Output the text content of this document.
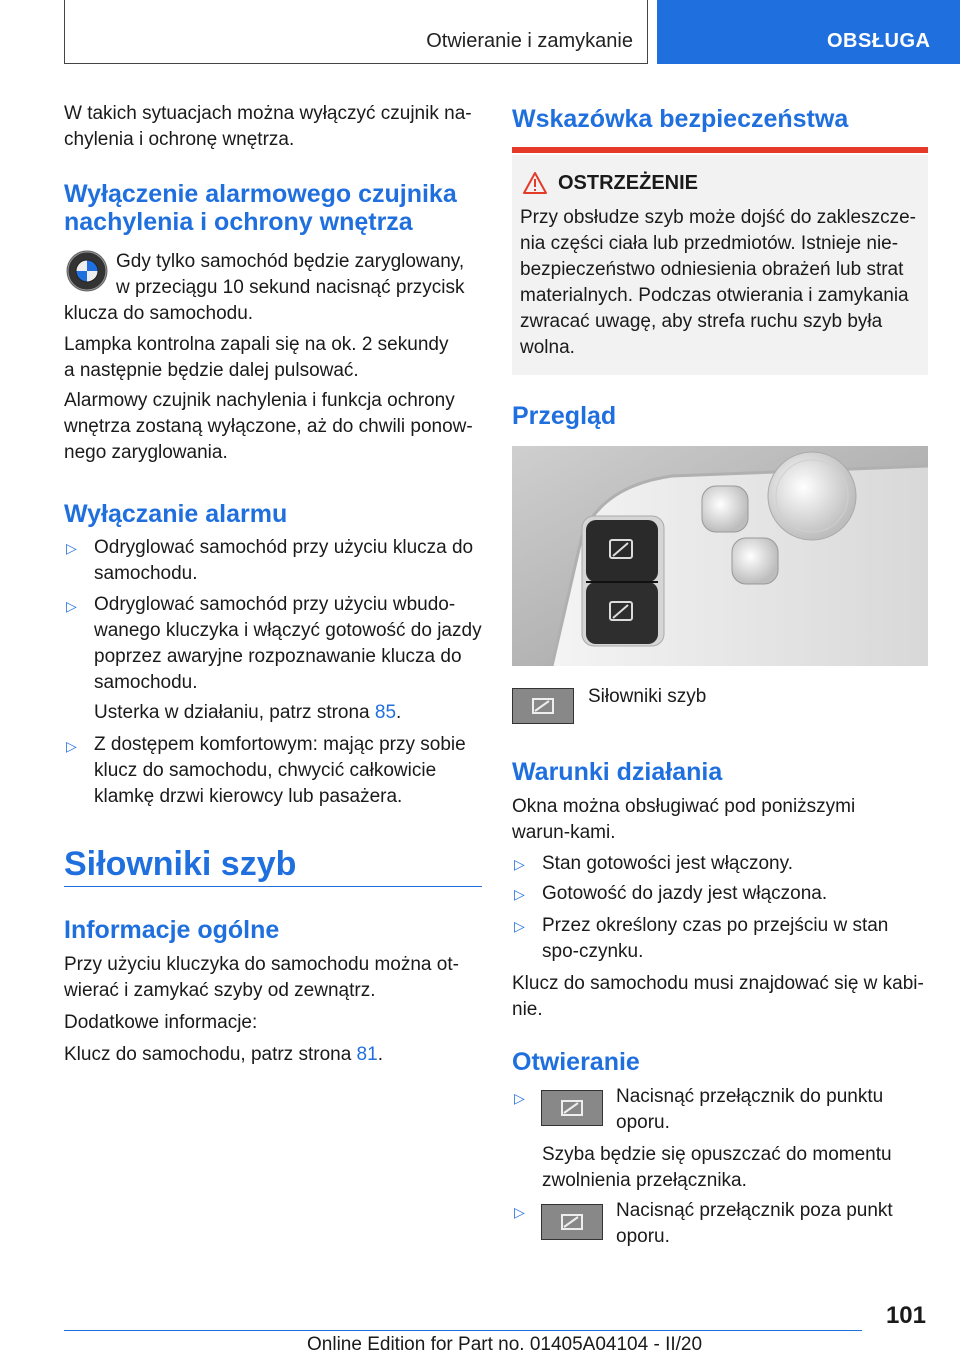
Otwieranie i zamykanie	OBSŁUGA

W takich sytuacjach można wyłączyć czujnik na-chylenia i ochronę wnętrza.

Wyłączenie alarmowego czujnika
nachylenia i ochrony wnętrza

Gdy tylko samochód będzie zaryglowany,

w przeciągu 10 sekund nacisnąć przycisk

klucza do samochodu.

Lampka kontrolna zapali się na ok. 2 sekundy a następnie będzie dalej pulsować.

Alarmowy czujnik nachylenia i funkcja ochrony wnętrza zostaną wyłączone, aż do chwili ponow-nego zaryglowania.

Wyłączanie alarmu
▷ Odryglować samochód przy użyciu klucza do samochodu.

▷ Odryglować samochód przy użyciu wbudo-wanego kluczyka i włączyć gotowość do jazdy poprzez awaryjne rozpoznawanie klucza do samochodu.

Usterka w działaniu, patrz strona 85.

▷ Z dostępem komfortowym: mając przy sobie klucz do samochodu, chwycić całkowicie klamkę drzwi kierowcy lub pasażera.

Siłowniki szyb
Informacje ogólne

Przy użyciu kluczyka do samochodu można ot-wierać i zamykać szyby od zewnątrz.

Dodatkowe informacje:

Klucz do samochodu, patrz strona 81.

Wskazówka bezpieczeństwa
OSTRZEŻENIE
Przy obsłudze szyb może dojść do zakleszcze-nia części ciała lub przedmiotów. Istnieje nie-bezpieczeństwo odniesienia obrażeń lub strat materialnych. Podczas otwierania i zamykania zwracać uwagę, aby strefa ruchu szyb była wolna.
Przegląd

Siłowniki szyb

Warunki działania

Okna można obsługiwać pod poniższymi warun-kami.

▷ Stan gotowości jest włączony.

▷ Gotowość do jazdy jest włączona.

▷ Przez określony czas po przejściu w stan spo-czynku.

Klucz do samochodu musi znajdować się w kabi-nie.

Otwieranie
▷	Nacisnąć przełącznik do punktu oporu.

Szyba będzie się opuszczać do momentu zwolnienia przełącznika.

▷	Nacisnąć przełącznik poza punkt oporu.

101
Online Edition for Part no. 01405A04104 - II/20
